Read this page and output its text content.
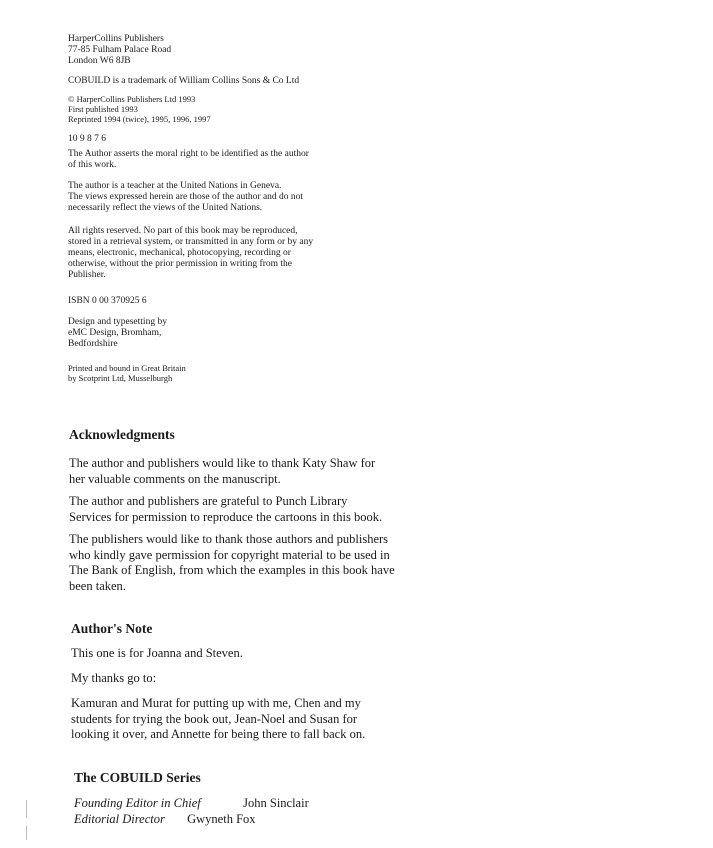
HarperCollins Publishers
77-85 Fulham Palace Road
London W6 8JB
COBUILD is a trademark of William Collins Sons & Co Ltd
© HarperCollins Publishers Ltd 1993
First published 1993
Reprinted 1994 (twice), 1995, 1996, 1997
10 9 8 7 6
The Author asserts the moral right to be identified as the author
of this work.
The author is a teacher at the United Nations in Geneva.
The views expressed herein are those of the author and do not
necessarily reflect the views of the United Nations.
All rights reserved. No part of this book may be reproduced,
stored in a retrieval system, or transmitted in any form or by any
means, electronic, mechanical, photocopying, recording or
otherwise, without the prior permission in writing from the
Publisher.
ISBN 0 00 370925 6
Design and typesetting by
eMC Design, Bromham,
Bedfordshire
Printed and bound in Great Britain
by Scotprint Ltd, Musselburgh
Acknowledgments
The author and publishers would like to thank Katy Shaw for
her valuable comments on the manuscript.
The author and publishers are grateful to Punch Library
Services for permission to reproduce the cartoons in this book.
The publishers would like to thank those authors and publishers
who kindly gave permission for copyright material to be used in
The Bank of English, from which the examples in this book have
been taken.
Author's Note
This one is for Joanna and Steven.
My thanks go to:
Kamuran and Murat for putting up with me, Chen and my
students for trying the book out, Jean-Noel and Susan for
looking it over, and Annette for being there to fall back on.
The COBUILD Series
Founding Editor in Chief	John Sinclair
Editorial Director Gwyneth Fox
